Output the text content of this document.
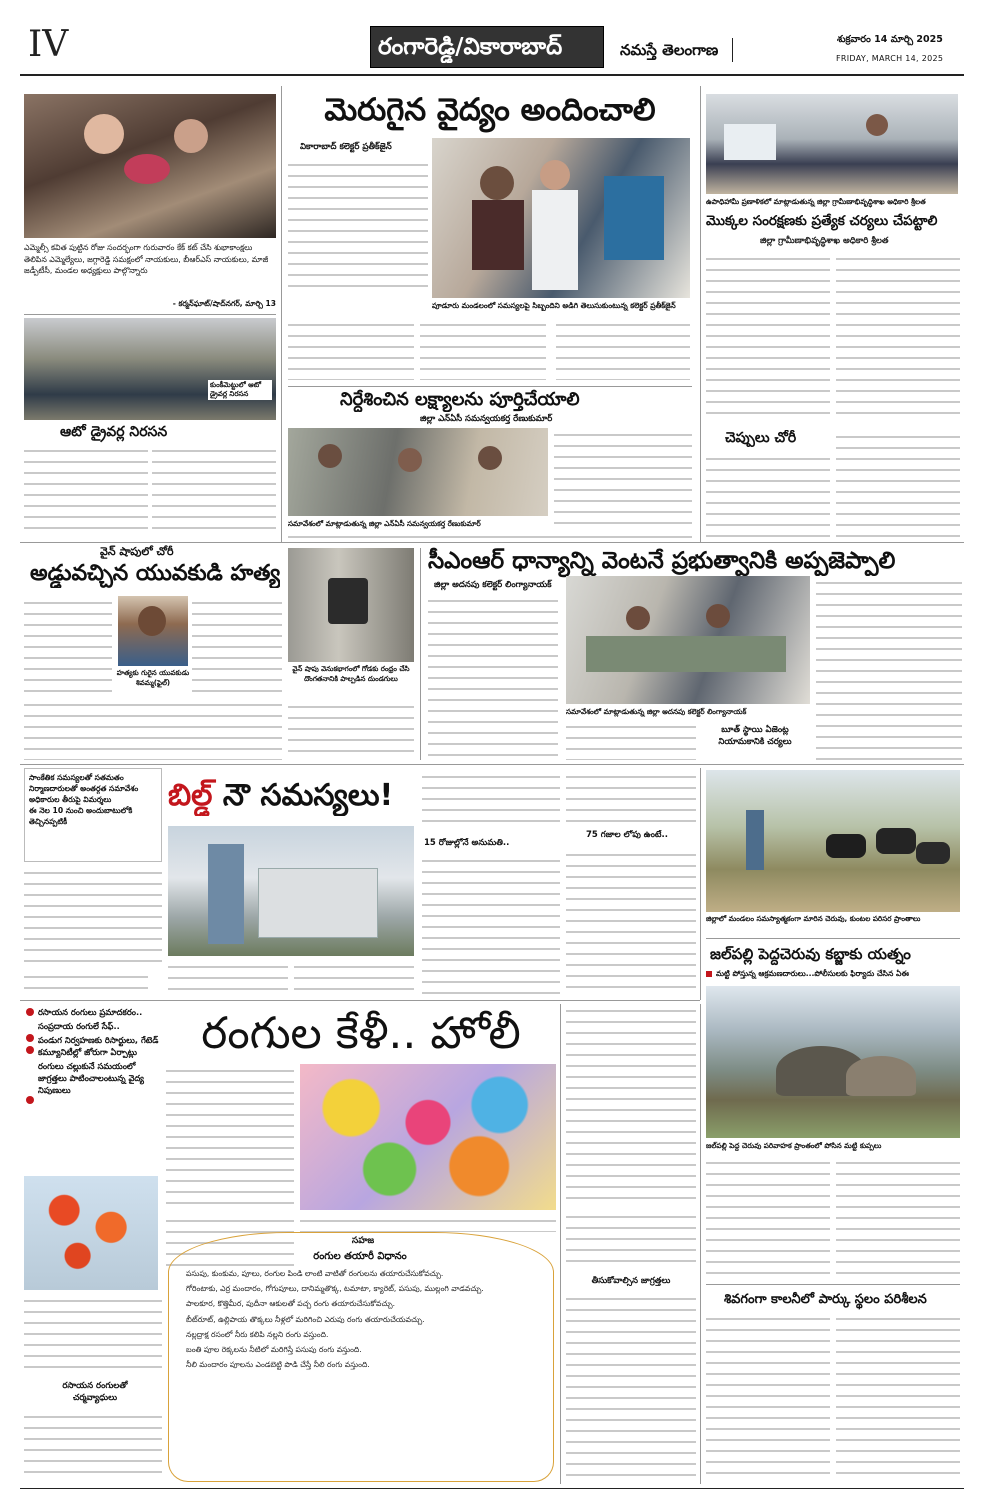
IV	రంగారెడ్డి/వికారాబాద్	నమస్తే తెలంగాణ
శుక్రవారం 14 మార్చి 2025
FRIDAY, MARCH 14, 2025
ఎమ్మెల్సీ కవిత పుట్టిన రోజు సందర్భంగా గురువారం కేక్ కట్ చేసి శుభాకాంక్షలు తెలిపిన ఎమ్మెల్యేలు, జగ్గారెడ్డి సమక్షంలో నాయకులు, బీఆర్ఎస్ నాయకులు, మాజీ జడ్పీటీసీ, మండల అధ్యక్షులు పాల్గొన్నారు
- కర్మన్‌ఘాట్/షాద్‌నగర్, మార్చి 13
కుంకీమెట్టులో ఆటో డ్రైవర్ల నిరసన
ఆటో డ్రైవర్ల నిరసన
మెరుగైన వైద్యం అందించాలి
వికారాబాద్ కలెక్టర్ ప్రతీక్‌జైన్
పూడూరు మండలంలో సమస్యలపై సిబ్బందిని అడిగి తెలుసుకుంటున్న కలెక్టర్ ప్రతీక్‌జైన్
నిర్దేశించిన లక్ష్యాలను పూర్తిచేయాలి
జిల్లా ఎన్‌ఏసీ సమన్వయకర్త రేణుకుమార్
సమావేశంలో మాట్లాడుతున్న జిల్లా ఎన్‌ఏసీ సమన్వయకర్త రేణుకుమార్
ఉపాధిహామీ ప్రణాళికలో మాట్లాడుతున్న జిల్లా గ్రామీణాభివృద్ధిశాఖ అధికారి శ్రీలత
మొక్కల సంరక్షణకు ప్రత్యేక చర్యలు చేపట్టాలి
జిల్లా గ్రామీణాభివృద్ధిశాఖ అధికారి శ్రీలత
చెప్పులు చోరీ
వైన్ షాపులో చోరీ
అడ్డువచ్చిన యువకుడి హత్య
హత్యకు గురైన యువకుడు శివమ్మ(ఫైల్)
వైన్ షాపు వెనుకభాగంలో గోడకు రంధ్రం చేసి దొంగతనానికి పాల్పడిన దుండగులు
సీఎంఆర్ ధాన్యాన్ని వెంటనే ప్రభుత్వానికి అప్పజెప్పాలి
జిల్లా అదనపు కలెక్టర్ లింగ్యానాయక్
సమావేశంలో మాట్లాడుతున్న జిల్లా అదనపు కలెక్టర్ లింగ్యానాయక్
బూత్ స్థాయి ఏజెంట్ల నియామకానికి చర్యలు
సాంకేతిక సమస్యలతో సతమతం
నిర్మాణదారులతో అంతర్గత సమావేశం
అధికారుల తీరుపై విమర్శలు
ఈ నెల 10 నుంచి అందుబాటులోకి తెచ్చినప్పటికీ
బిల్డ్ నౌ సమస్యలు!
15 రోజుల్లోనే అనుమతి..
75 గజాల లోపు ఉంటే..
జిల్లాలో మండలం సమస్యాత్మకంగా మారిన చెరువు, కుంటల పరిసర ప్రాంతాలు
జల్‌పల్లి పెద్దచెరువు కబ్జాకు యత్నం
మట్టి పోస్తున్న ఆక్రమణదారులు...పోలీసులకు ఫిర్యాదు చేసిన ఏఈ
జల్‌పల్లి పెద్ద చెరువు పరివాహక ప్రాంతంలో పోసిన మట్టి కుప్పలు
శివగంగా కాలనీలో పార్కు స్థలం పరిశీలన
రసాయన రంగులు ప్రమాదకరం..
సంప్రదాయ రంగులే సేఫ్..
పండుగ నిర్వహణకు రిసార్టులు, గేటెడ్ కమ్యూనిటీల్లో జోరుగా ఏర్పాట్లు
రంగులు చల్లుకునే సమయంలో జాగ్రత్తలు పాటించాలంటున్న వైద్య నిపుణులు
రసాయన రంగులతో చర్మవ్యాధులు
రంగుల కేళీ.. హోలీ
సహజ
రంగుల తయారీ విధానం
పసుపు, కుంకుమ, పూలు, రంగుల పిండి లాంటి వాటితో రంగులను తయారుచేసుకోవచ్చు.
గోరింటాకు, ఎర్ర మందారం, గోగుపూలు, దానిమ్మతొక్క, టమాటా, క్యారెట్, పసుపు, ముల్లంగి వాడవచ్చు.
పాలకూర, కొత్తిమీర, పుదీనా ఆకులతో పచ్చ రంగు తయారుచేసుకోవచ్చు.
బీట్‌రూట్, ఉల్లిపాయ తొక్కలు నీళ్లలో మరిగించి ఎరుపు రంగు తయారుచేయవచ్చు.
నల్లద్రాక్ష రసంలో నీరు కలిపి నల్లని రంగు వస్తుంది.
బంతి పూల రెక్కలను నీటిలో మరిగిస్తే పసుపు రంగు వస్తుంది.
నీలి మందారం పూలను ఎండబెట్టి పొడి చేస్తే నీలి రంగు వస్తుంది.
తీసుకోవాల్సిన జాగ్రత్తలు
